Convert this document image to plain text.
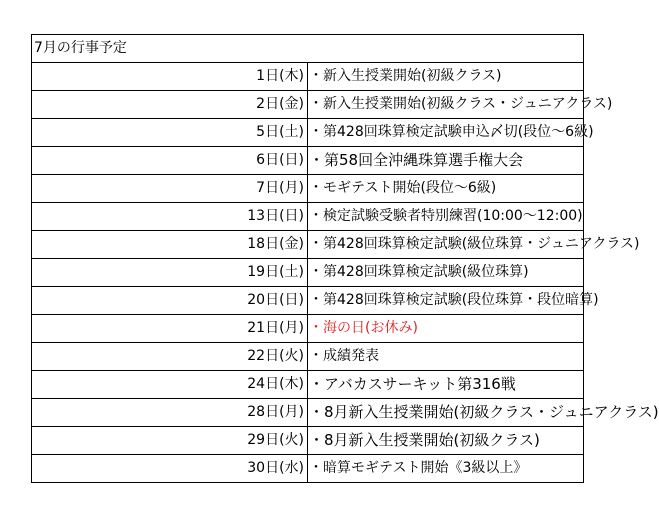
7月の行事予定	
1日(木)	・新入生授業開始(初級クラス)
2日(金)	・新入生授業開始(初級クラス・ジュニアクラス)
5日(土)	・第428回珠算検定試験申込〆切(段位～6級)
6日(日)	・第58回全沖縄珠算選手権大会
7日(月)	・モギテスト開始(段位～6級)
13日(日)	・検定試験受験者特別練習(10:00～12:00)
18日(金)	・第428回珠算検定試験(級位珠算・ジュニアクラス)
19日(土)	・第428回珠算検定試験(級位珠算)
20日(日)	・第428回珠算検定試験(段位珠算・段位暗算)
21日(月)	・海の日(お休み)
22日(火)	・成績発表
24日(木)	・アバカスサーキット第316戦
28日(月)	・8月新入生授業開始(初級クラス・ジュニアクラス)
29日(火)	・8月新入生授業開始(初級クラス)
30日(水)	・暗算モギテスト開始《3級以上》
